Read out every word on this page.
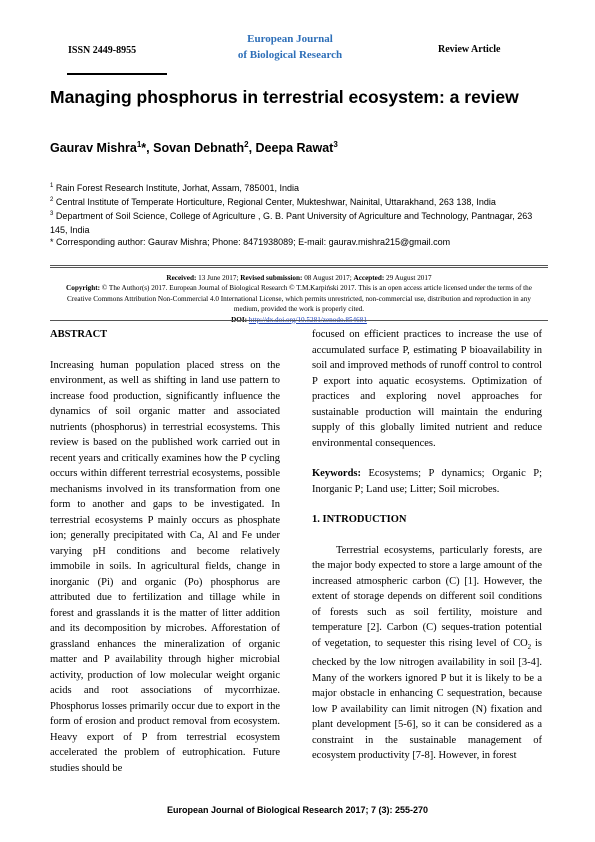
ISSN 2449-8955
European Journal
of Biological Research	Review Article
Managing phosphorus in terrestrial ecosystem: a review
Gaurav Mishra$^1$*, Sovan Debnath$^2$, Deepa Rawat$^3$
$^1$ Rain Forest Research Institute, Jorhat, Assam, 785001, India
$^2$ Central Institute of Temperate Horticulture, Regional Center, Mukteshwar, Nainital, Uttarakhand, 263 138, India
$^3$ Department of Soil Science, College of Agriculture , G. B. Pant University of Agriculture and Technology, Pantnagar, 263 145, India
* Corresponding author: Gaurav Mishra; Phone: 8471938089; E-mail: gaurav.mishra215@gmail.com
Received: 13 June 2017; Revised submission: 08 August 2017; Accepted: 29 August 2017
Copyright: © The Author(s) 2017. European Journal of Biological Research © T.M.Karpiński 2017. This is an open access article licensed under the terms of the Creative Commons Attribution Non-Commercial 4.0 International License, which permits unrestricted, non-commercial use, distribution and reproduction in any medium, provided the work is properly cited.
DOI: http://dx.doi.org/10.5281/zenodo.854681

ABSTRACT

Increasing human population placed stress on the environment, as well as shifting in land use pattern to increase food production, significantly influence the dynamics of soil organic matter and associated nutrients (phosphorus) in terrestrial ecosystems. This review is based on the published work carried out in recent years and critically examines how the P cycling occurs within different terrestrial ecosystems, possible mechanisms involved in its transformation from one form to another and gaps to be investigated. In terrestrial ecosystems P mainly occurs as phosphate ion; generally precipitated with Ca, Al and Fe under varying pH conditions and become relatively immobile in soils. In agricultural fields, change in inorganic (Pi) and organic (Po) phosphorus are attributed due to fertilization and tillage while in forest and grasslands it is the matter of litter addition and its decomposition by microbes. Afforestation of grassland enhances the mineralization of organic matter and P availability through higher microbial activity, production of low molecular weight organic acids and root associations of mycorrhizae. Phosphorus losses primarily occur due to export in the form of erosion and product removal from ecosystem. Heavy export of P from terrestrial ecosystem accelerated the problem of eutrophication. Future studies should be

focused on efficient practices to increase the use of accumulated surface P, estimating P bioavailability in soil and improved methods of runoff control to control P export into aquatic ecosystems. Optimization of practices and exploring novel approaches for sustainable production will maintain the enduring supply of this globally limited nutrient and reduce environmental consequences.

Keywords: Ecosystems; P dynamics; Organic P; Inorganic P; Land use; Litter; Soil microbes.

1. INTRODUCTION

Terrestrial ecosystems, particularly forests, are the major body expected to store a large amount of the increased atmospheric carbon (C) [1]. However, the extent of storage depends on different soil conditions of forests such as soil fertility, moisture and temperature [2]. Carbon (C) seques-tration potential of vegetation, to sequester this rising level of $CO_2$ is checked by the low nitrogen availability in soil [3-4]. Many of the workers ignored P but it is likely to be a major obstacle in enhancing C sequestration, because low P availability can limit nitrogen (N) fixation and plant development [5-6], so it can be considered as a constraint in the sustainable management of ecosystem productivity [7-8]. However, in forest

European Journal of Biological Research 2017; 7 (3): 255-270
